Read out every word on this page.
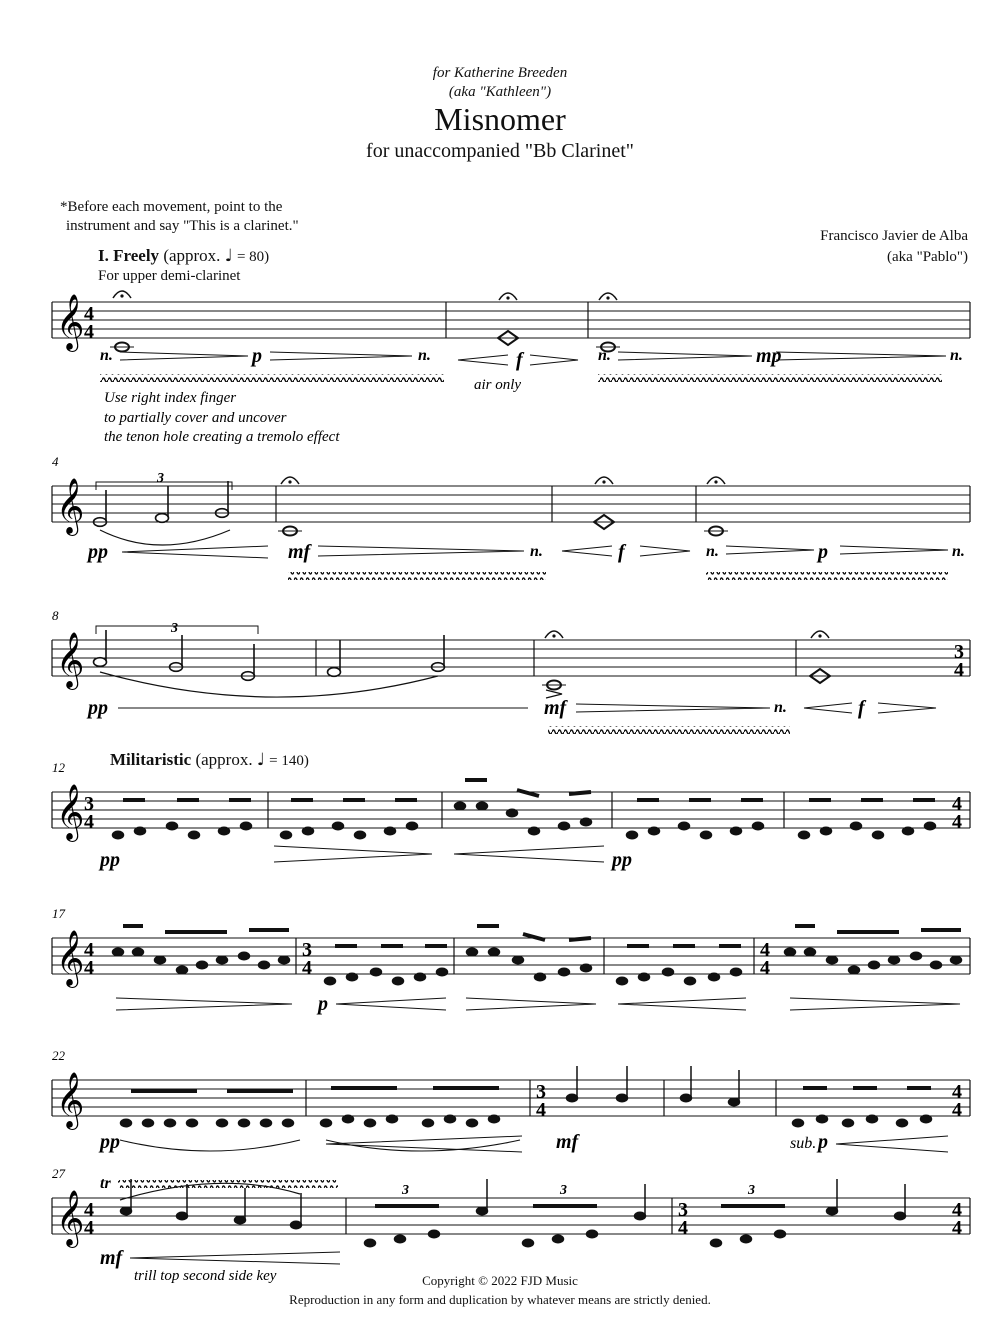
for Katherine Breeden
(aka "Kathleen")
Misnomer
for unaccompanied "Bb Clarinet"
*Before each movement, point to the
instrument and say "This is a clarinet."
Francisco Javier de Alba
(aka "Pablo")
I. Freely (approx. ♩ = 80)
For upper demi-clarinet
Militaristic (approx. ♩ = 140)
𝄞 4
4
n.	p	n.	f	n.	mp	n.
air only
Use right index finger
to partially cover and uncover
the tenon hole creating a tremolo effect
4
𝄞
3
pp	mf	n.	f	n.	p	n.
8
𝄞
3
3
4
pp	mf	n.	f
12
𝄞 3
4
4
4
pp	pp
17
𝄞 4
4
3
4
4
4
p
22
𝄞	3
4
4
4
pp	mf	sub. p
27
𝄞 4
4
tr	3	3	3
3
4
4
4
mf
trill top second side key	Copyright © 2022 FJD Music
Reproduction in any form and duplication by whatever means are strictly denied.
